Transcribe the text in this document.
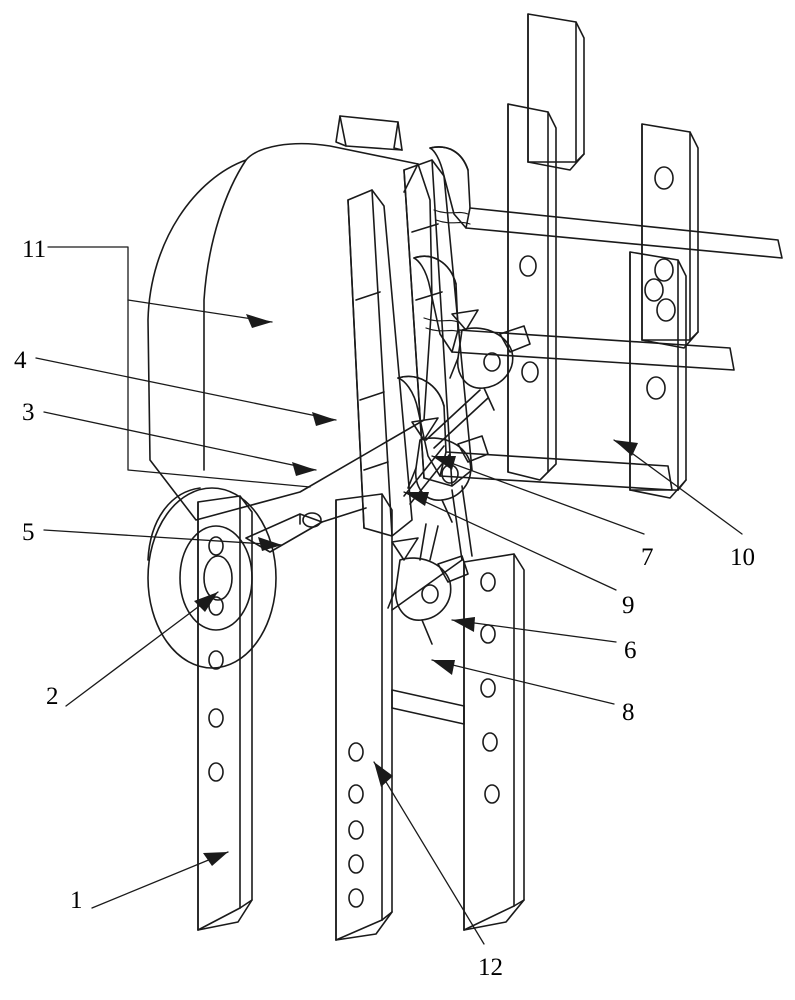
11
4
3
5
2
1
12
8
6
9
7	10
